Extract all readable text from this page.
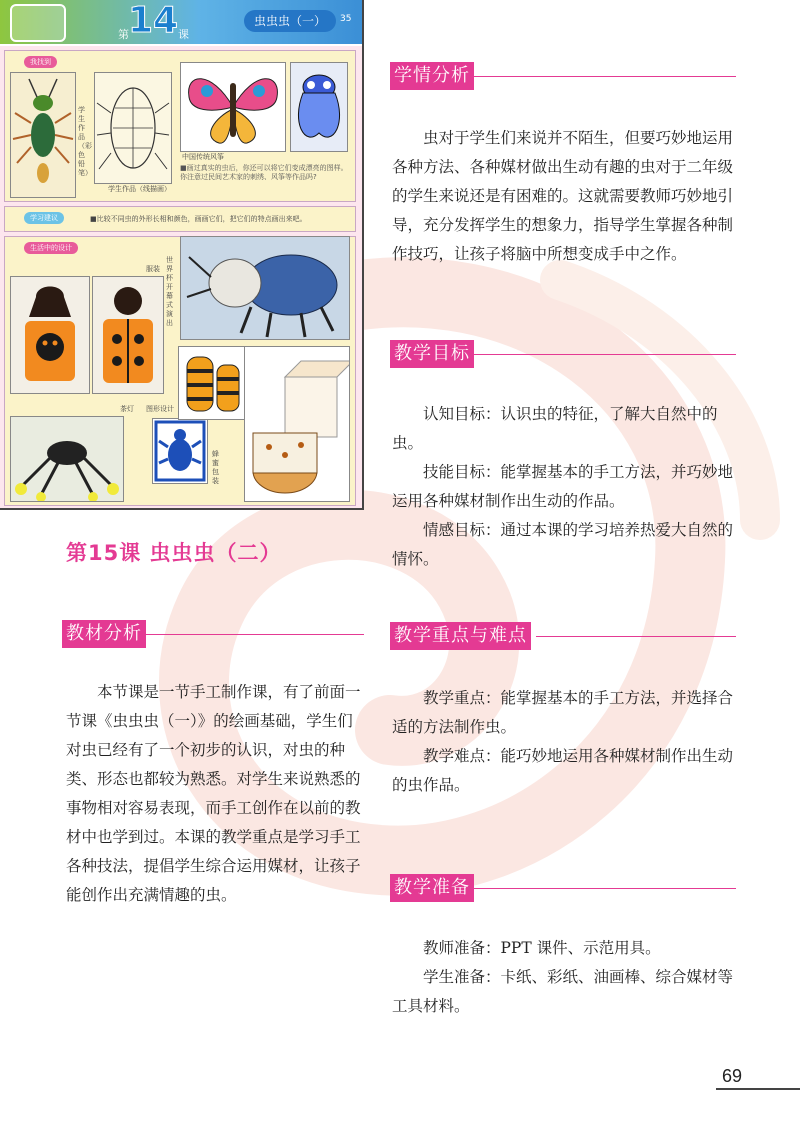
第 14 课
虫虫虫（一）	35
我找到
学生作品（彩色铅笔）
学生作品（线描画）
中国传统风筝
■画过真实的虫后，你还可以将它们变成漂亮的图样。你注意过民间艺术家的刺绣、风筝等作品吗?
学习建议	■比较不同虫的外形长相和颜色，画画它们，把它们的特点画出来吧。
生活中的设计
服装
世界杯开幕式演出
茶灯 图形设计
蜂蜜包装
第15课 虫虫虫（二）
教材分析

本节课是一节手工制作课，有了前面一节课《虫虫虫（一）》的绘画基础，学生们对虫已经有了一个初步的认识，对虫的种类、形态也都较为熟悉。对学生来说熟悉的事物相对容易表现，而手工创作在以前的教材中也学到过。本课的教学重点是学习手工各种技法，提倡学生综合运用媒材，让孩子能创作出充满情趣的虫。

学情分析

虫对于学生们来说并不陌生，但要巧妙地运用各种方法、各种媒材做出生动有趣的虫对于二年级的学生来说还是有困难的。这就需要教师巧妙地引导，充分发挥学生的想象力，指导学生掌握各种制作技巧，让孩子将脑中所想变成手中之作。

教学目标

认知目标：认识虫的特征，了解大自然中的虫。

技能目标：能掌握基本的手工方法，并巧妙地运用各种媒材制作出生动的作品。

情感目标：通过本课的学习培养热爱大自然的情怀。

教学重点与难点

教学重点：能掌握基本的手工方法，并选择合适的方法制作虫。

教学难点：能巧妙地运用各种媒材制作出生动的虫作品。

教学准备

教师准备：PPT 课件、示范用具。

学生准备：卡纸、彩纸、油画棒、综合媒材等工具材料。

69
